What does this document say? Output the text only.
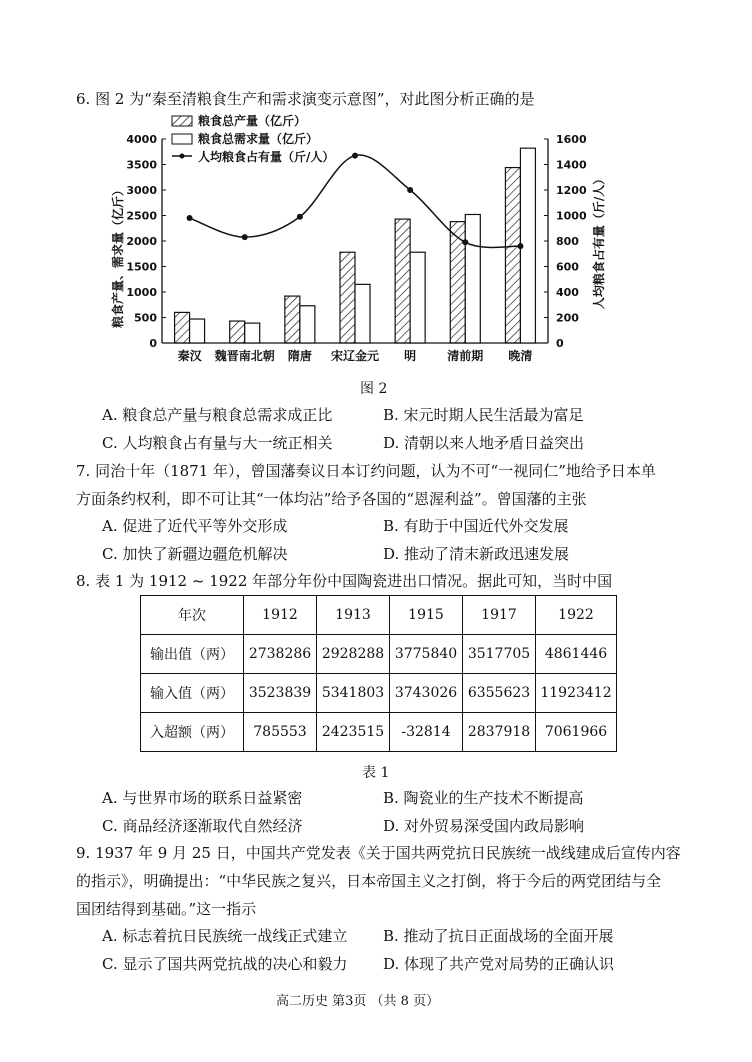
6. 图 2 为“秦至清粮食生产和需求演变示意图”，对此图分析正确的是
0
500
1000
1500
2000
2500
3000
3500
4000
0
200
400
600
800
1000
1200
1400
1600
粮食产量、需求量（亿斤）	人均粮食占有量（斤/人）
秦汉 魏晋南北朝 隋唐 宋辽金元 明	清前期 晚清
粮食总产量（亿斤）
粮食总需求量（亿斤）
人均粮食占有量（斤/人）
图 2
A. 粮食总产量与粮食总需求成正比	B. 宋元时期人民生活最为富足
C. 人均粮食占有量与大一统正相关	D. 清朝以来人地矛盾日益突出
7. 同治十年（1871 年），曾国藩奏议日本订约问题，认为不可“一视同仁”地给予日本单
方面条约权利，即不可让其“一体均沾”给予各国的“恩渥利益”。曾国藩的主张
A. 促进了近代平等外交形成	B. 有助于中国近代外交发展
C. 加快了新疆边疆危机解决	D. 推动了清末新政迅速发展
8. 表 1 为 1912 ~ 1922 年部分年份中国陶瓷进出口情况。据此可知，当时中国
年次	1912	1913	1915	1917	1922
输出值（两）	2738286	2928288	3775840	3517705	4861446
输入值（两）	3523839	5341803	3743026	6355623	11923412
入超额（两）	785553	2423515	-32814	2837918	7061966
表 1
A. 与世界市场的联系日益紧密	B. 陶瓷业的生产技术不断提高
C. 商品经济逐渐取代自然经济	D. 对外贸易深受国内政局影响
9. 1937 年 9 月 25 日，中国共产党发表《关于国共两党抗日民族统一战线建成后宣传内容
的指示》，明确提出：“中华民族之复兴，日本帝国主义之打倒，将于今后的两党团结与全
国团结得到基础。”这一指示
A. 标志着抗日民族统一战线正式建立 B. 推动了抗日正面战场的全面开展
C. 显示了国共两党抗战的决心和毅力 D. 体现了共产党对局势的正确认识
高二历史 第3页 （共 8 页）
